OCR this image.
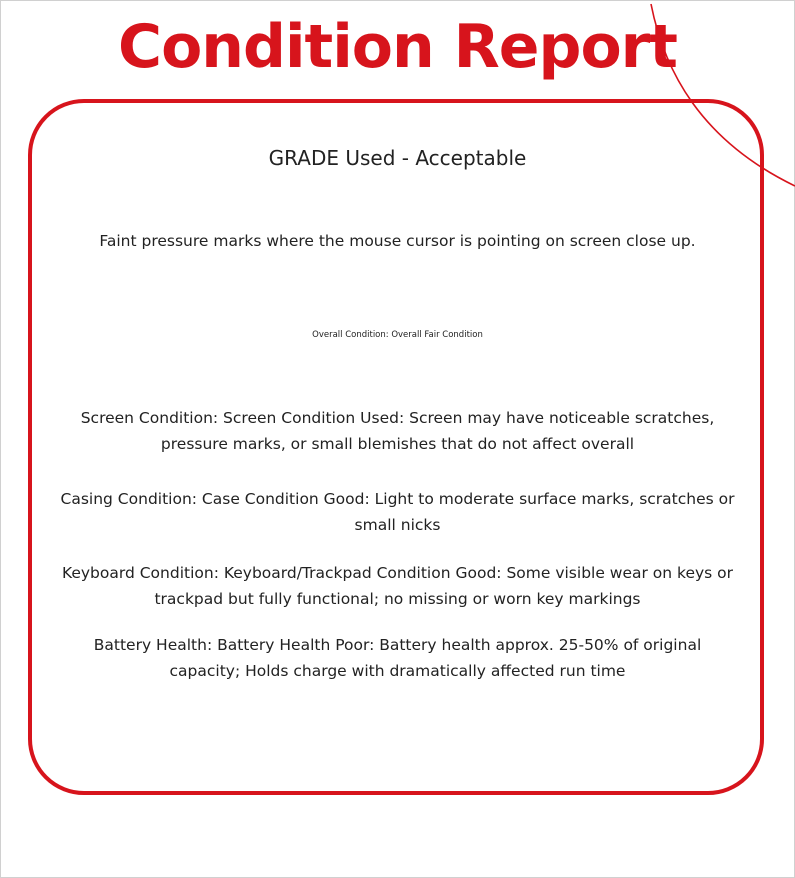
Condition Report

GRADE Used - Acceptable

Faint pressure marks where the mouse cursor is pointing on screen close up.

Overall Condition: Overall Fair Condition

Screen Condition: Screen Condition Used: Screen may have noticeable scratches, pressure marks, or small blemishes that do not affect overall

Casing Condition: Case Condition Good: Light to moderate surface marks, scratches or small nicks

Keyboard Condition: Keyboard/Trackpad Condition Good: Some visible wear on keys or trackpad but fully functional; no missing or worn key markings

Battery Health: Battery Health Poor: Battery health approx. 25-50% of original capacity; Holds charge with dramatically affected run time
